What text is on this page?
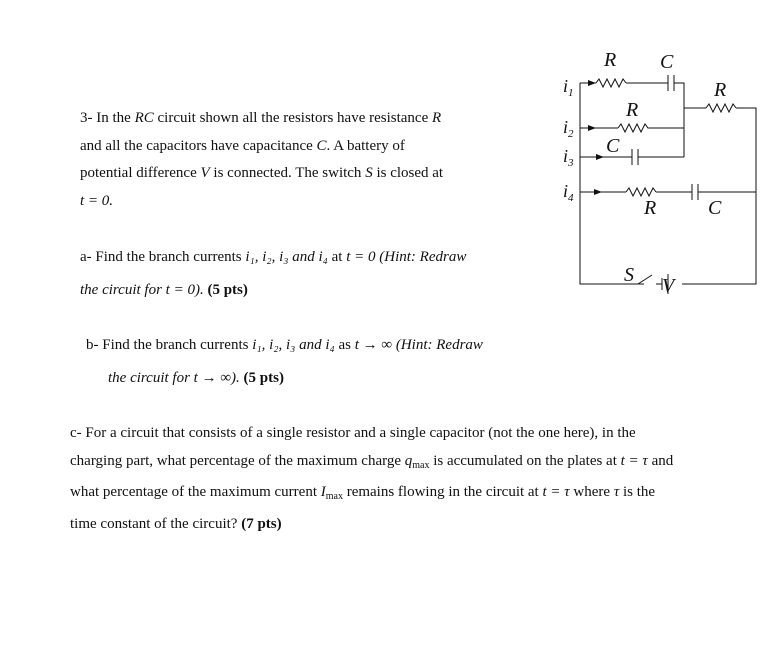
3- In the RC circuit shown all the resistors have resistance R
and all the capacitors have capacitance C. A battery of
potential difference V is connected. The switch S is closed at
t = 0.
a- Find the branch currents i₁, i₂, i₃ and i₄ at t = 0 (Hint: Redraw
the circuit for t = 0). (5 pts)
b- Find the branch currents i₁, i₂, i₃ and i₄ as t → ∞ (Hint: Redraw
the circuit for t → ∞). (5 pts)
c- For a circuit that consists of a single resistor and a single capacitor (not the one here), in the
charging part, what percentage of the maximum charge $q_{max}$ is accumulated on the plates at t = τ and
what percentage of the maximum current $I_{max}$ remains flowing in the circuit at t = τ where τ is the
time constant of the circuit? (7 pts)
R C
R
R
C
R	C
S V
$i_1$
$i_2$
$i_3$
$i_4$
